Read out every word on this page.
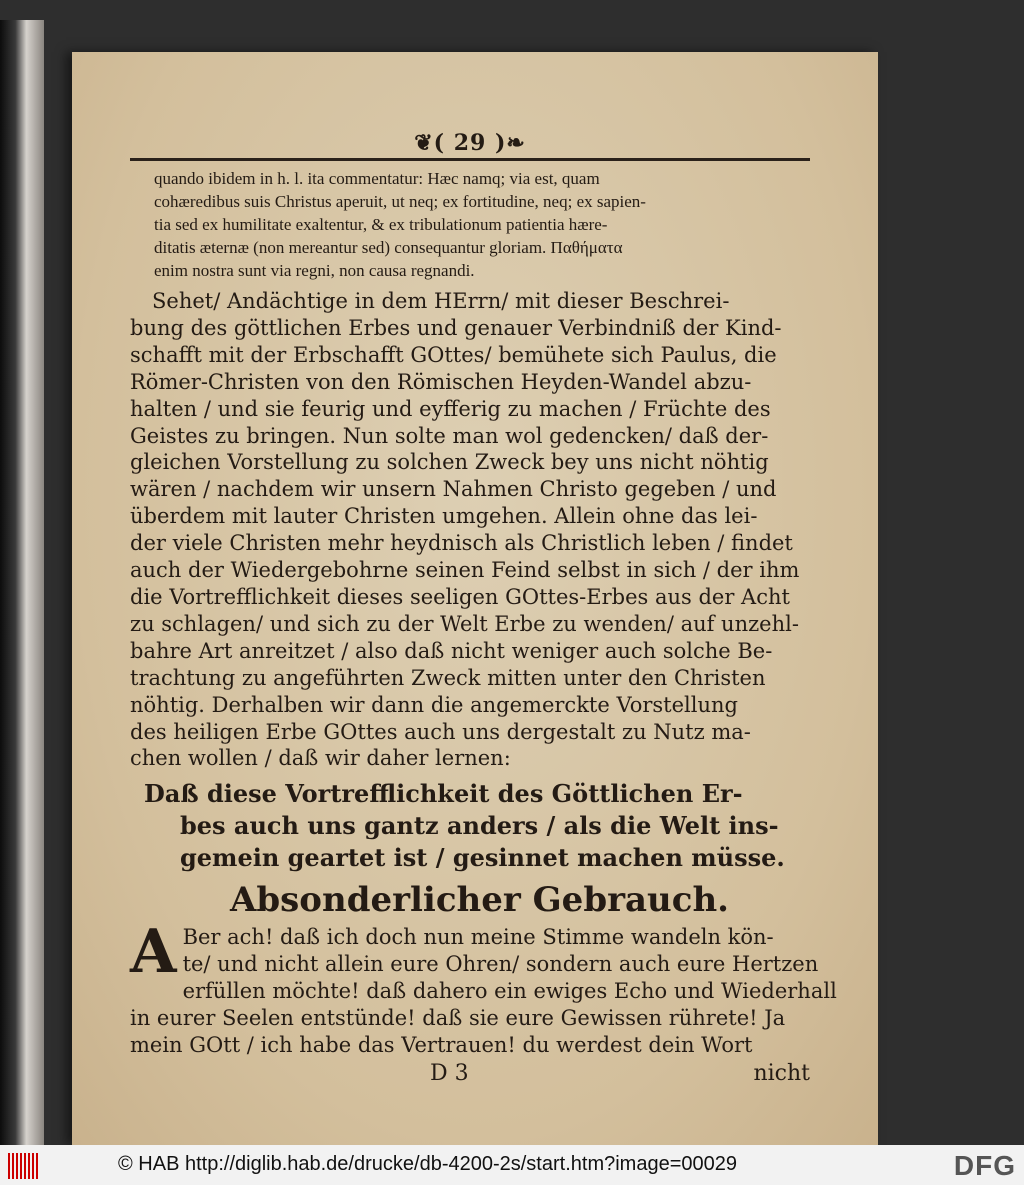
❦( 29 )❧
quando ibidem in h. l. ita commentatur: Hæc namq; via est, quam
cohæredibus suis Christus aperuit, ut neq; ex fortitudine, neq; ex sapien-
tia sed ex humilitate exaltentur, & ex tribulationum patientia hære-
ditatis æternæ (non mereantur sed) consequantur gloriam. Παθήματα
enim nostra sunt via regni, non causa regnandi.
Sehet/ Andächtige in dem HErrn/ mit dieser Beschrei-
bung des göttlichen Erbes und genauer Verbindniß der Kind-
schafft mit der Erbschafft GOttes/ bemühete sich Paulus, die
Römer-Christen von den Römischen Heyden-Wandel abzu-
halten / und sie feurig und eyfferig zu machen / Früchte des
Geistes zu bringen. Nun solte man wol gedencken/ daß der-
gleichen Vorstellung zu solchen Zweck bey uns nicht nöhtig
wären / nachdem wir unsern Nahmen Christo gegeben / und
überdem mit lauter Christen umgehen. Allein ohne das lei-
der viele Christen mehr heydnisch als Christlich leben / findet
auch der Wiedergebohrne seinen Feind selbst in sich / der ihm
die Vortrefflichkeit dieses seeligen GOttes-Erbes aus der Acht
zu schlagen/ und sich zu der Welt Erbe zu wenden/ auf unzehl-
bahre Art anreitzet / also daß nicht weniger auch solche Be-
trachtung zu angeführten Zweck mitten unter den Christen
nöhtig. Derhalben wir dann die angemerckte Vorstellung
des heiligen Erbe GOttes auch uns dergestalt zu Nutz ma-
chen wollen / daß wir daher lernen:
Daß diese Vortrefflichkeit des Göttlichen Er-
bes auch uns gantz anders / als die Welt ins-
gemein geartet ist / gesinnet machen müsse.
Absonderlicher Gebrauch.
A Ber ach! daß ich doch nun meine Stimme wandeln kön-
te/ und nicht allein eure Ohren/ sondern auch eure Hertzen
erfüllen möchte! daß dahero ein ewiges Echo und Wiederhall
in eurer Seelen entstünde! daß sie eure Gewissen rührete! Ja
mein GOtt / ich habe das Vertrauen! du werdest dein Wort
D 3	nicht
© HAB http://diglib.hab.de/drucke/db-4200-2s/start.htm?image=00029	DFG
